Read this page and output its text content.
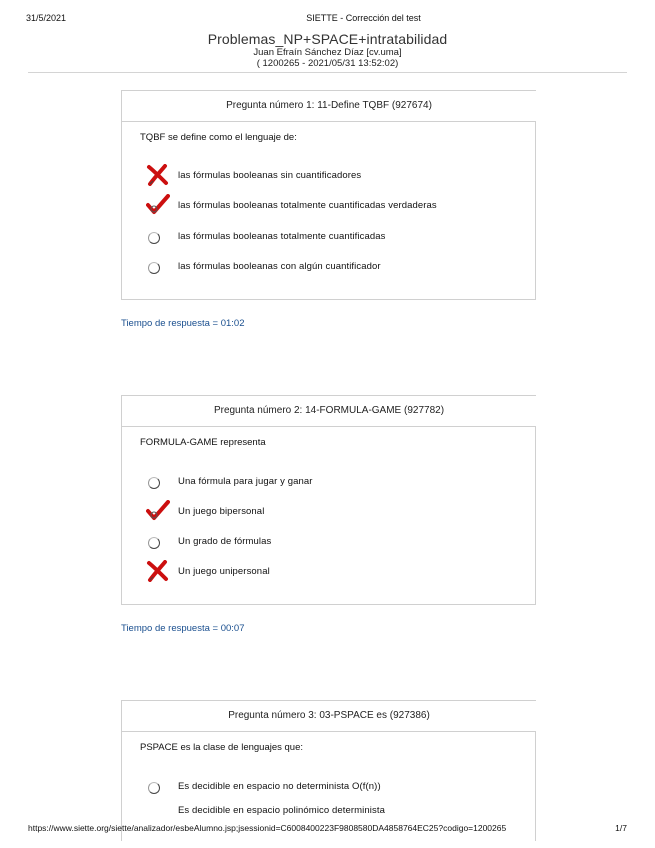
31/5/2021	SIETTE - Corrección del test
Problemas_NP+SPACE+intratabilidad
Juan Efraín Sánchez Díaz [cv.uma]
( 1200265 - 2021/05/31 13:52:02)
Pregunta número 1: 11-Define TQBF (927674)
TQBF se define como el lenguaje de:
las fórmulas booleanas sin cuantificadores
las fórmulas booleanas totalmente cuantificadas verdaderas
las fórmulas booleanas totalmente cuantificadas
las fórmulas booleanas con algún cuantificador
Tiempo de respuesta = 01:02
Pregunta número 2: 14-FORMULA-GAME (927782)
FORMULA-GAME representa
Una fórmula para jugar y ganar
Un juego bipersonal
Un grado de fórmulas
Un juego unipersonal
Tiempo de respuesta = 00:07
Pregunta número 3: 03-PSPACE es (927386)
PSPACE es la clase de lenguajes que:
Es decidible en espacio no determinista O(f(n))
Es decidible en espacio polinómico determinista
https://www.siette.org/siette/analizador/esbeAlumno.jsp;jsessionid=C6008400223F9808580DA4858764EC25?codigo=1200265	1/7
